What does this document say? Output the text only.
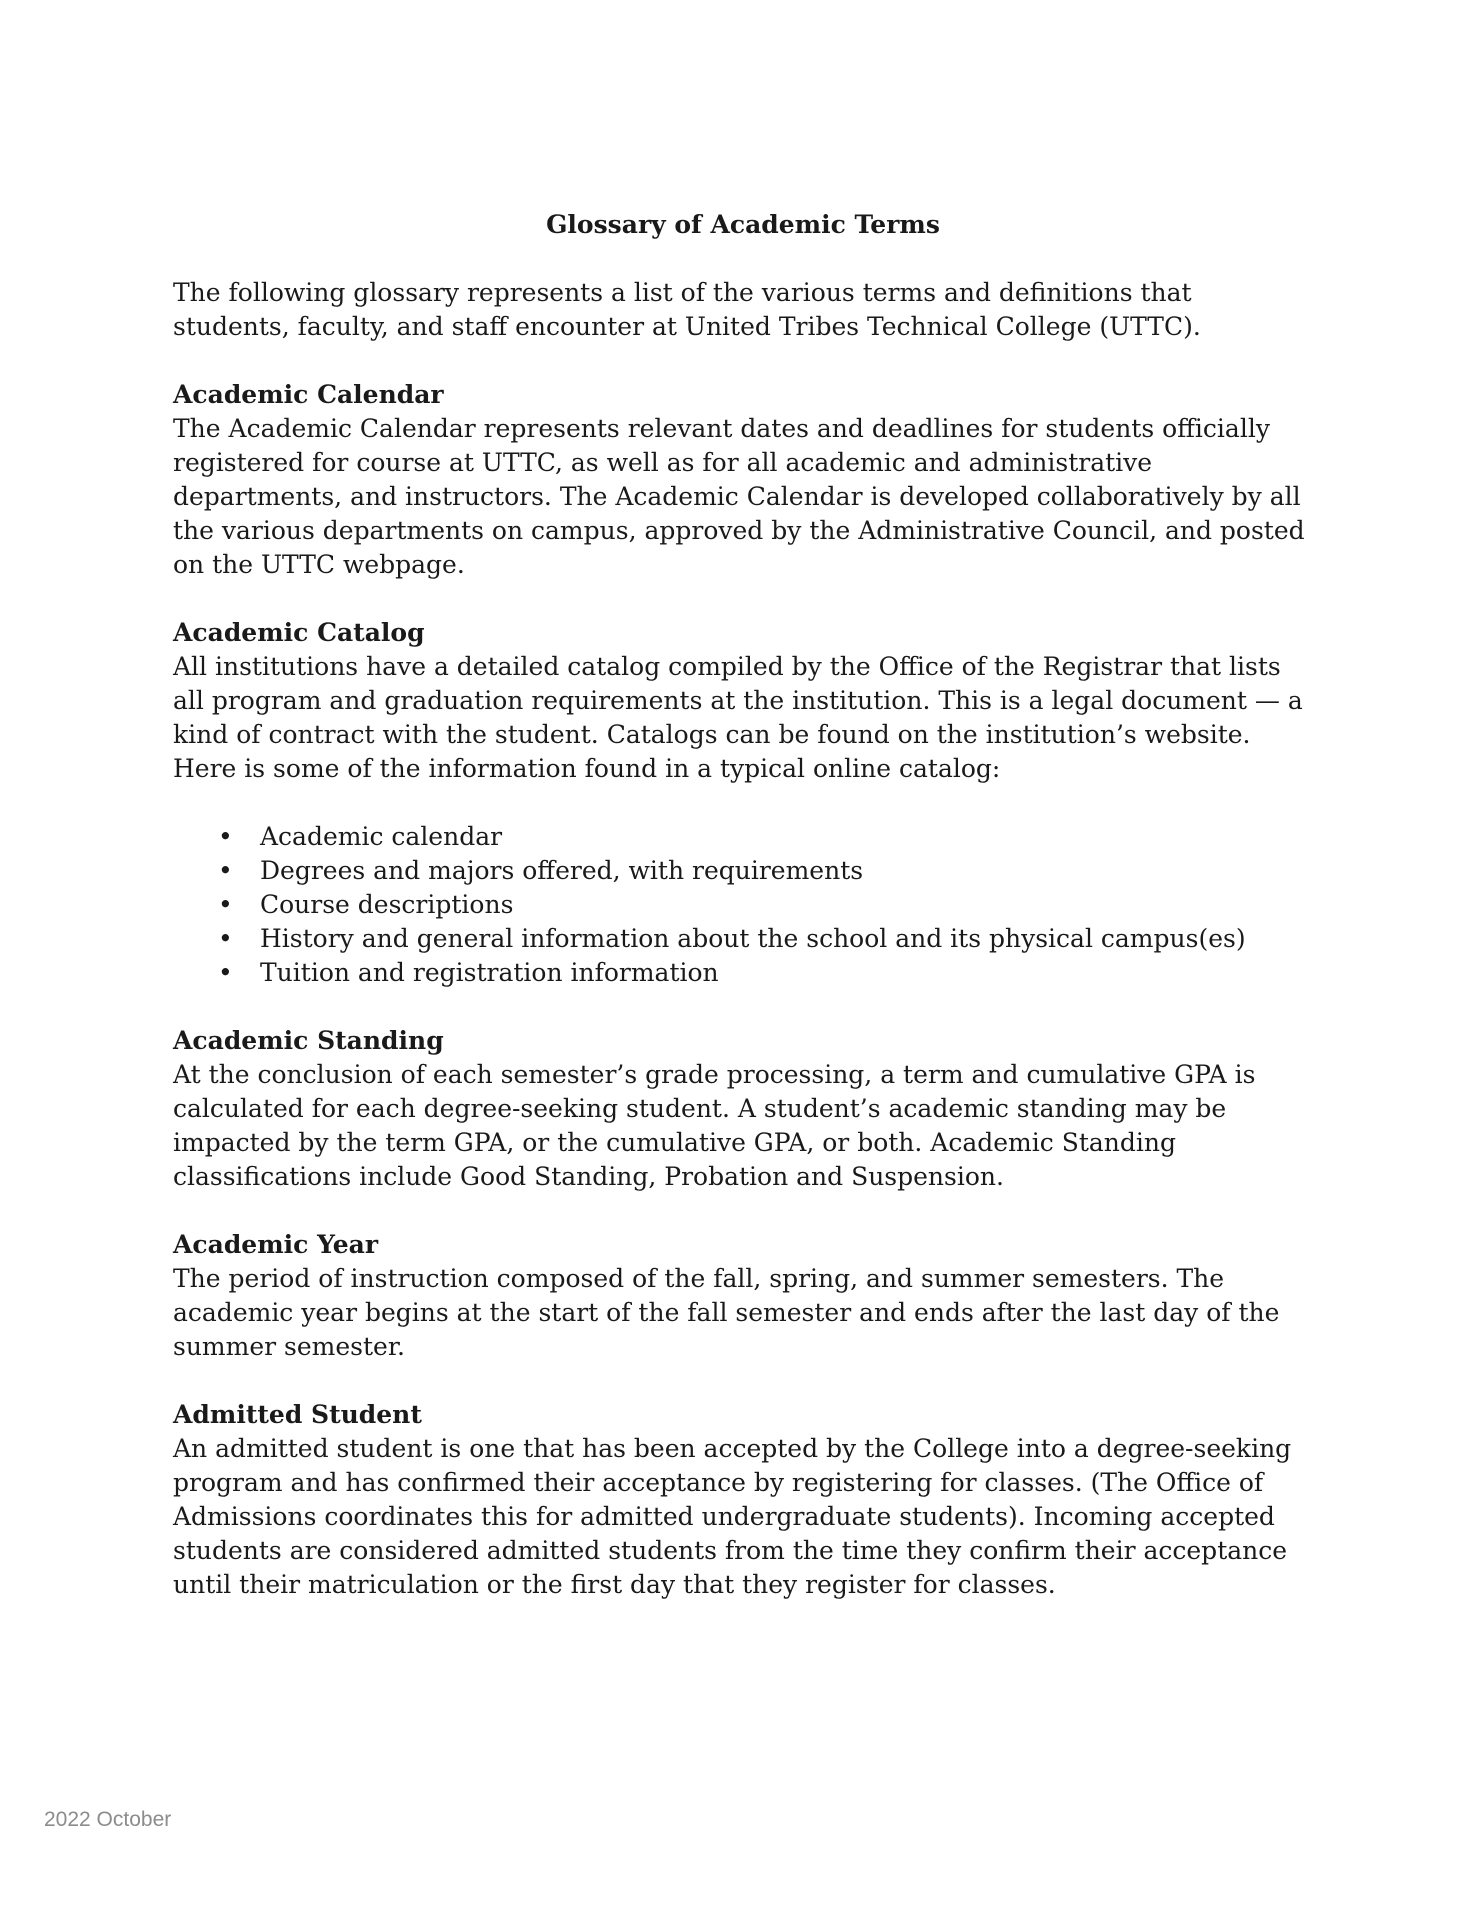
Glossary of Academic Terms

The following glossary represents a list of the various terms and definitions that students, faculty, and staff encounter at United Tribes Technical College (UTTC).

Academic Calendar

The Academic Calendar represents relevant dates and deadlines for students officially registered for course at UTTC, as well as for all academic and administrative departments, and instructors. The Academic Calendar is developed collaboratively by all the various departments on campus, approved by the Administrative Council, and posted on the UTTC webpage.

Academic Catalog

All institutions have a detailed catalog compiled by the Office of the Registrar that lists all program and graduation requirements at the institution. This is a legal document — a kind of contract with the student. Catalogs can be found on the institution’s website. Here is some of the information found in a typical online catalog:

• Academic calendar
• Degrees and majors offered, with requirements
• Course descriptions
• History and general information about the school and its physical campus(es)
• Tuition and registration information
Academic Standing

At the conclusion of each semester’s grade processing, a term and cumulative GPA is calculated for each degree-seeking student. A student’s academic standing may be impacted by the term GPA, or the cumulative GPA, or both. Academic Standing classifications include Good Standing, Probation and Suspension.

Academic Year

The period of instruction composed of the fall, spring, and summer semesters. The academic year begins at the start of the fall semester and ends after the last day of the summer semester.

Admitted Student

An admitted student is one that has been accepted by the College into a degree-seeking program and has confirmed their acceptance by registering for classes. (The Office of Admissions coordinates this for admitted undergraduate students). Incoming accepted students are considered admitted students from the time they confirm their acceptance until their matriculation or the first day that they register for classes.

2022 October
